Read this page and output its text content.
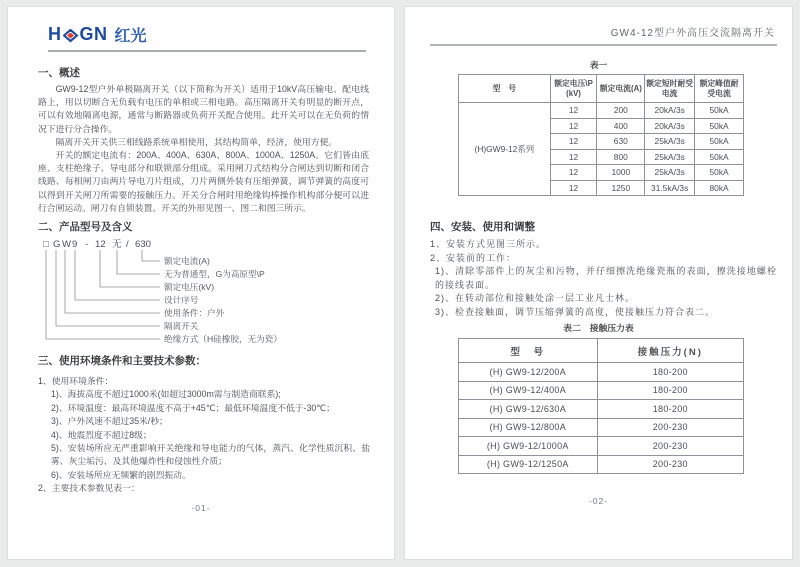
H GN 红光
一、概述

GW9-12型户外单极隔离开关（以下简称为开关）适用于10kV高压输电、配电线路上，用以切断合无负载有电压的单相或三相电路。高压隔离开关有明显的断开点，可以有效地隔离电源，通常与断路器或负荷开关配合使用。此开关可以在无负荷的情况下进行分合操作。

隔离开关开关供三相线路系统单相使用，其结构简单，经济，使用方便。

开关的额定电流有：200A、400A、630A、800A、1000A、1250A。它们皆由底座、支柱绝缘子、导电部分和联锁部分组成。采用闸刀式结构分合闸达到切断和闭合线路、每相闸刀由两片导电刀片组成，刀片两侧外装有压缩弹簧，调节弹簧的高度可以得到开关闸刀所需要的接触压力。开关分合闸时用绝缘钩棒操作机构部分便可以进行合闸运动。闸刀有自锁装置。开关的外形见图一、图二和图三所示。

二、产品型号及含义
□ G W 9 - 12 无 / 630
额定电流(A)
无为普通型，G为高原型\P
额定电压(kV)
设计序号
使用条件：户外
隔离开关
绝缘方式（H硅橡胶，无为瓷）
三、使用环境条件和主要技术参数：
1、使用环境条件：
1)、海拔高度不超过1000米(如超过3000m需与制造商联系);
2)、环境温度：最高环境温度不高于+45℃；最低环境温度不低于-30℃；
3)、户外风速不超过35米/秒；
4)、地震烈度不超过8级；
5)、安装场所应无严重影响开关绝缘和导电能力的气体，蒸汽、化学性质沉积、盐雾、灰尘垢污、及其他爆炸性和侵蚀性介质；
6)、安装场所应无频繁的剧烈振动。
2、主要技术参数见表一：
-01-
GW4-12型户外高压交流隔离开关
表一
型　号	额定电压\P(kV)	额定电流(A)	额定短时耐受电流	额定峰值耐受电流
(H)GW9-12系列	12	200	20kA/3s	50kA
	12	400	20kA/3s	50kA
	12	630	25kA/3s	50kA
	12	800	25kA/3s	50kA
	12	1000	25kA/3s	50kA
	12	1250	31.5kA/3s	80kA
四、安装、使用和调整
1、安装方式见图三所示。
2、安装前的工作：
1)、清除零部件上的灰尘和污物，并仔细擦洗绝缘瓷瓶的表面，擦洗接地螺栓的接线表面。
2)、在转动部位和接触处涂一层工业凡士林。
3)、检查接触面，调节压缩弹簧的高度，使接触压力符合表二。
表二　接触压力表
型　号	接触压力(N)
(H) GW9-12/200A	180-200
(H) GW9-12/400A	180-200
(H) GW9-12/630A	180-200
(H) GW9-12/800A	200-230
(H) GW9-12/1000A	200-230
(H) GW9-12/1250A	200-230
-02-
